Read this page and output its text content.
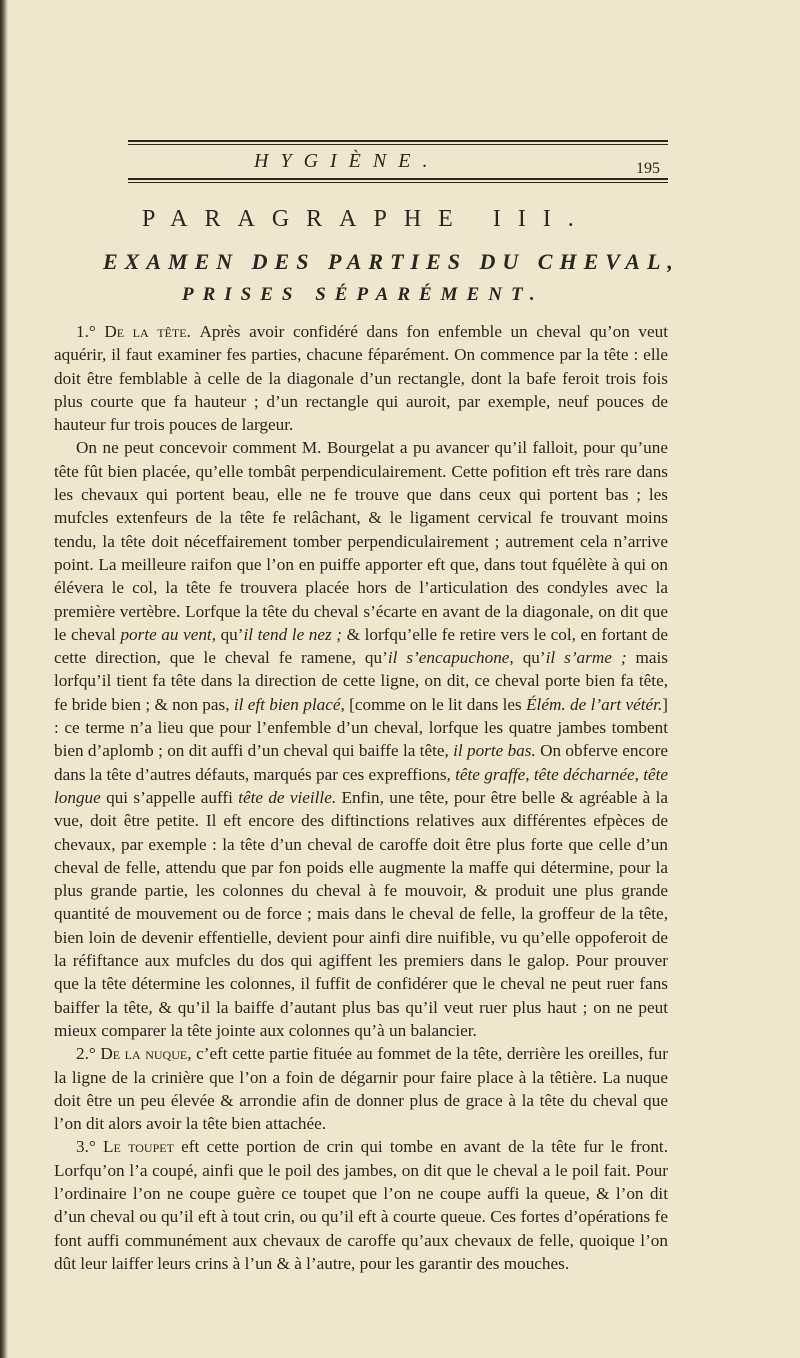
HYGIÈNE.	195
PARAGRAPHE III.
EXAMEN DES PARTIES DU CHEVAL,
PRISES SÉPARÉMENT.

1.° De la tête. Après avoir confidéré dans fon enfemble un cheval qu’on veut aquérir, il faut examiner fes parties, chacune féparément. On commence par la tête : elle doit être femblable à celle de la diagonale d’un rectangle, dont la bafe feroit trois fois plus courte que fa hauteur ; d’un rectangle qui auroit, par exemple, neuf pouces de hauteur fur trois pouces de largeur.

On ne peut concevoir comment M. Bourgelat a pu avancer qu’il falloit, pour qu’une tête fût bien placée, qu’elle tombât perpendiculairement. Cette pofition eft très rare dans les chevaux qui portent beau, elle ne fe trouve que dans ceux qui portent bas ; les mufcles extenfeurs de la tête fe relâchant, & le ligament cervical fe trouvant moins tendu, la tête doit néceffairement tomber perpendiculairement ; autrement cela n’arrive point. La meilleure raifon que l’on en puiffe apporter eft que, dans tout fquélète à qui on élévera le col, la tête fe trouvera placée hors de l’articulation des condyles avec la première vertèbre. Lorfque la tête du cheval s’écarte en avant de la diagonale, on dit que le cheval porte au vent, qu’il tend le nez ; & lorfqu’elle fe retire vers le col, en fortant de cette direction, que le cheval fe ramene, qu’il s’encapuchone, qu’il s’arme ; mais lorfqu’il tient fa tête dans la direction de cette ligne, on dit, ce cheval porte bien fa tête, fe bride bien ; & non pas, il eft bien placé, [comme on le lit dans les Élém. de l’art vétér.] : ce terme n’a lieu que pour l’enfemble d’un cheval, lorfque les quatre jambes tombent bien d’aplomb ; on dit auffi d’un cheval qui baiffe la tête, il porte bas. On obferve encore dans la tête d’autres défauts, marqués par ces expreffions, tête graffe, tête décharnée, tête longue qui s’appelle auffi tête de vieille. Enfin, une tête, pour être belle & agréable à la vue, doit être petite. Il eft encore des diftinctions relatives aux différentes efpèces de chevaux, par exemple : la tête d’un cheval de caroffe doit être plus forte que celle d’un cheval de felle, attendu que par fon poids elle augmente la maffe qui détermine, pour la plus grande partie, les colonnes du cheval à fe mouvoir, & produit une plus grande quantité de mouvement ou de force ; mais dans le cheval de felle, la groffeur de la tête, bien loin de devenir effentielle, devient pour ainfi dire nuifible, vu qu’elle oppoferoit de la réfiftance aux mufcles du dos qui agiffent les premiers dans le galop. Pour prouver que la tête détermine les colonnes, il fuffit de confidérer que le cheval ne peut ruer fans baiffer la tête, & qu’il la baiffe d’autant plus bas qu’il veut ruer plus haut ; on ne peut mieux comparer la tête jointe aux colonnes qu’à un balancier.

2.° De la nuque, c’eft cette partie fituée au fommet de la tête, derrière les oreilles, fur la ligne de la crinière que l’on a foin de dégarnir pour faire place à la têtière. La nuque doit être un peu élevée & arrondie afin de donner plus de grace à la tête du cheval que l’on dit alors avoir la tête bien attachée.

3.° Le toupet eft cette portion de crin qui tombe en avant de la tête fur le front. Lorfqu’on l’a coupé, ainfi que le poil des jambes, on dit que le cheval a le poil fait. Pour l’ordinaire l’on ne coupe guère ce toupet que l’on ne coupe auffi la queue, & l’on dit d’un cheval ou qu’il eft à tout crin, ou qu’il eft à courte queue. Ces fortes d’opérations fe font auffi communément aux chevaux de caroffe qu’aux chevaux de felle, quoique l’on dût leur laiffer leurs crins à l’un & à l’autre, pour les garantir des mouches.
